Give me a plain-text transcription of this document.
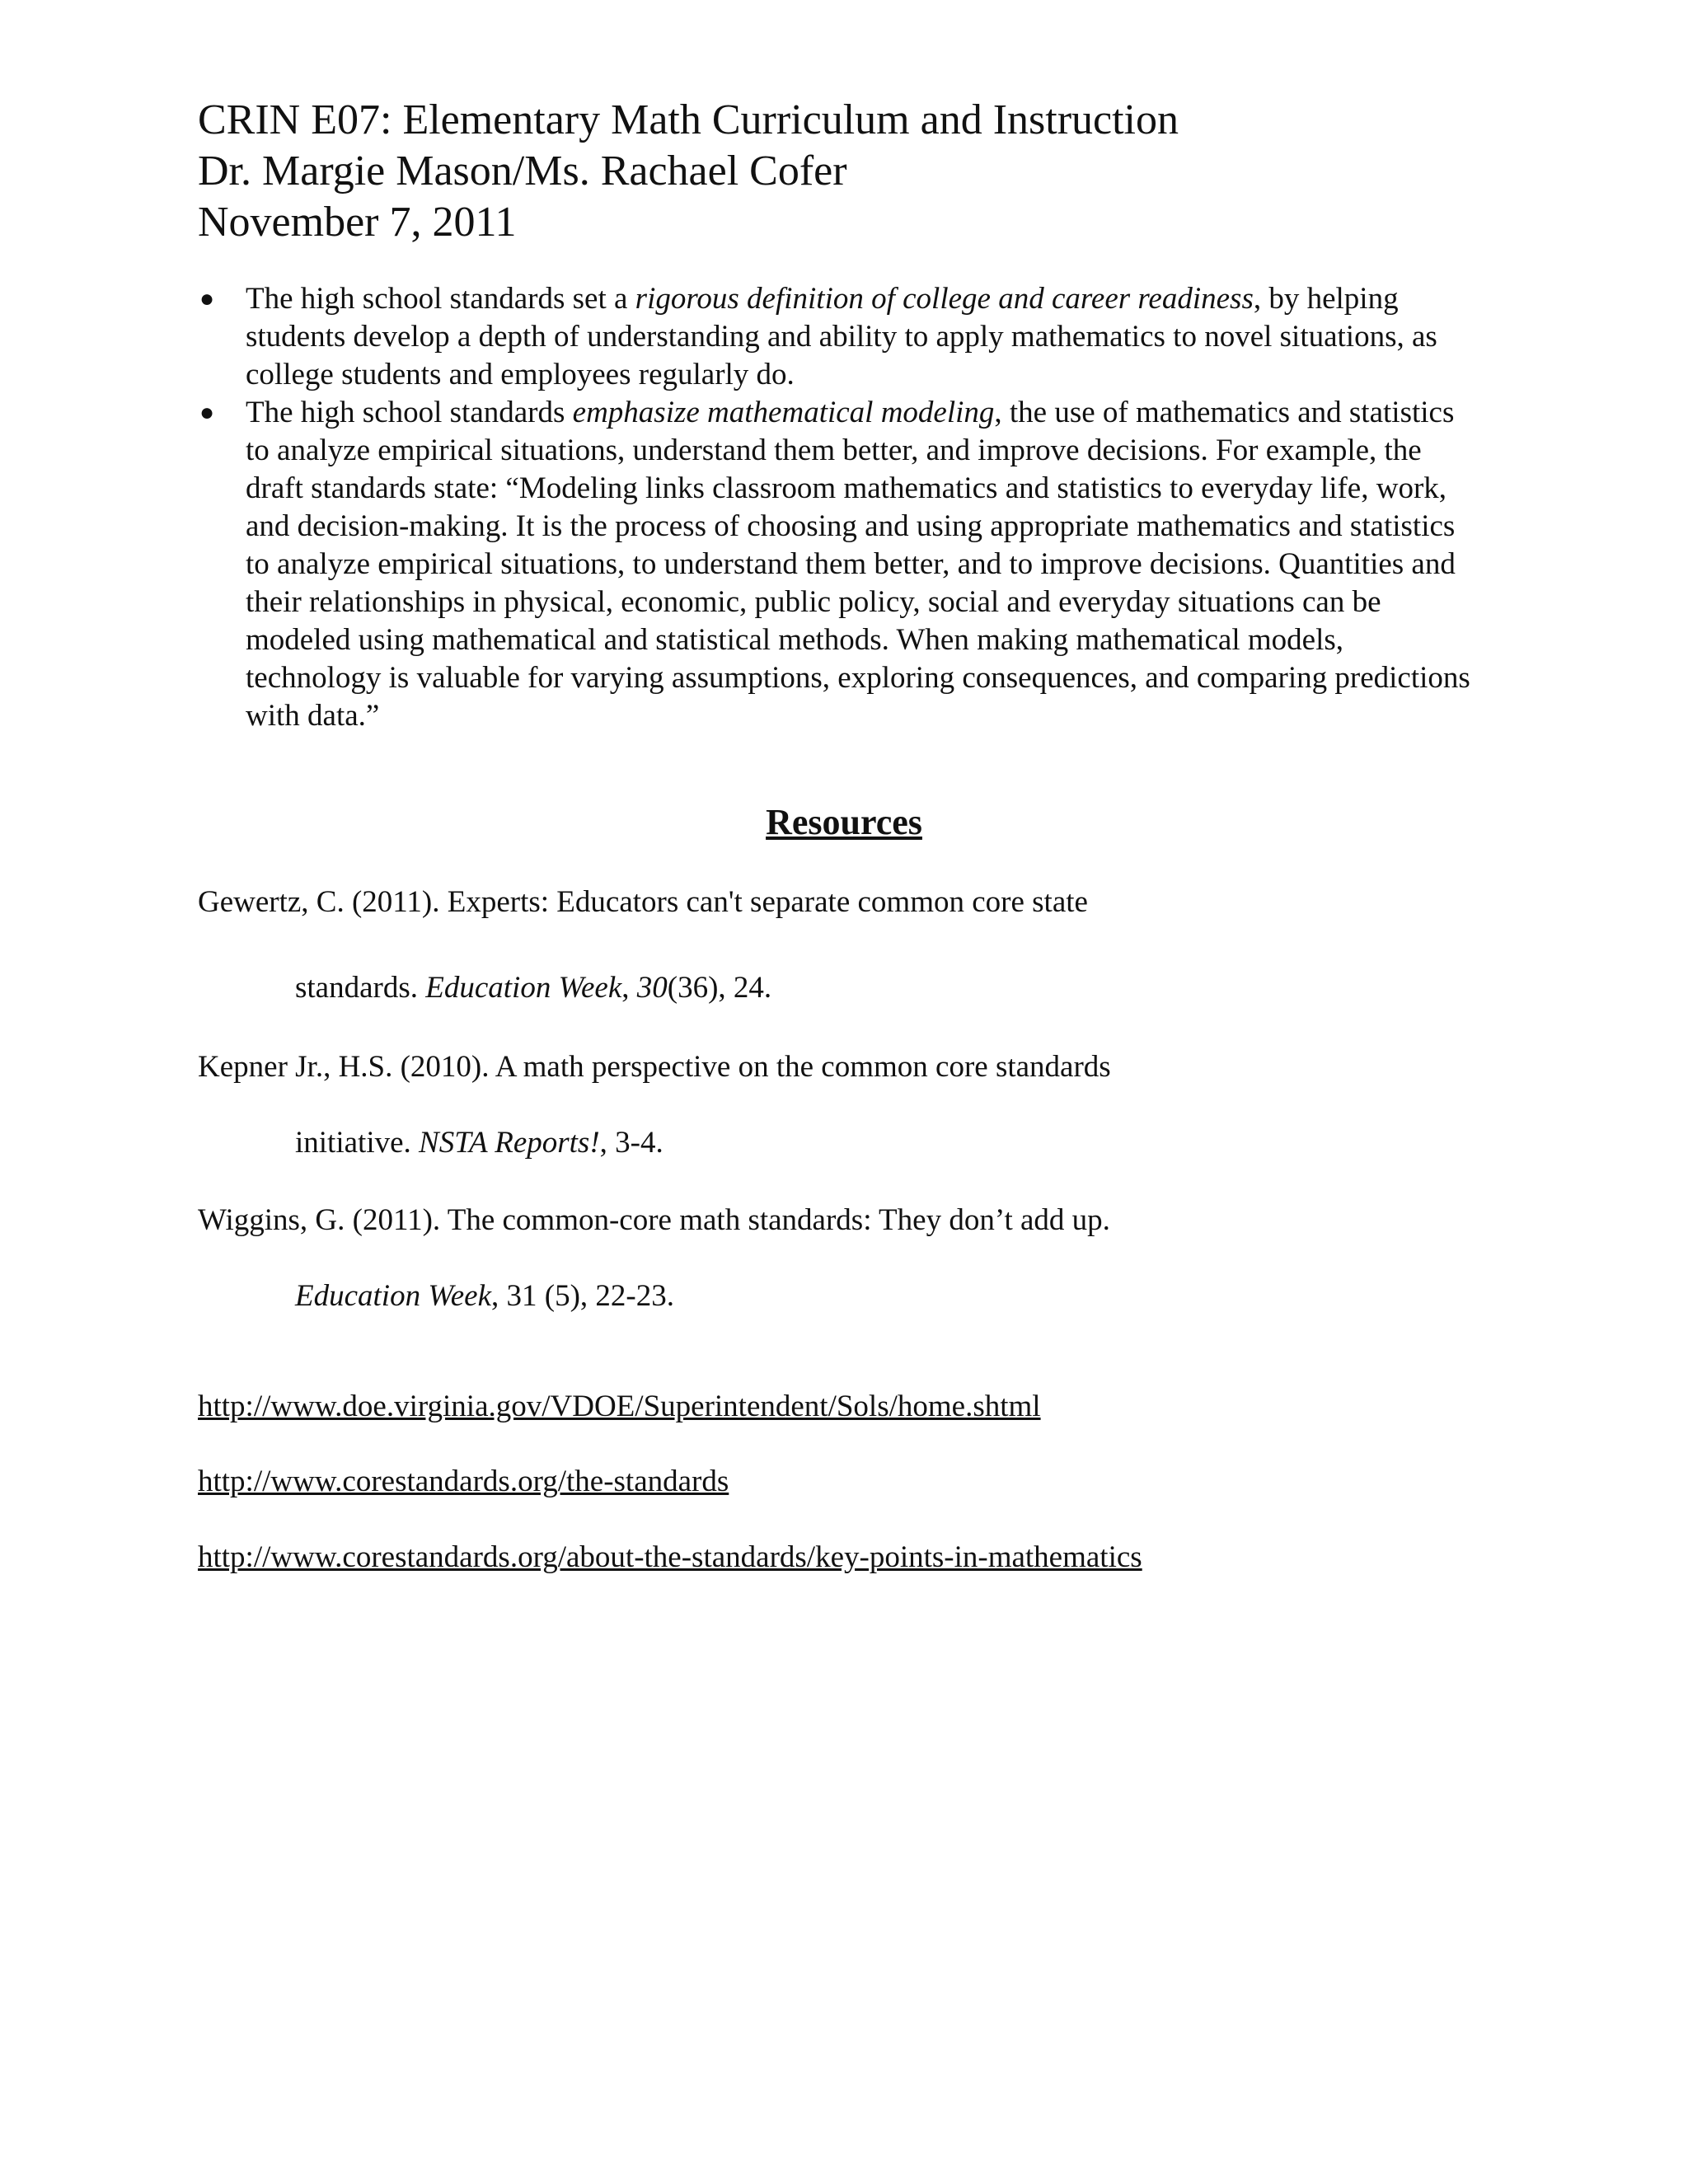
CRIN E07: Elementary Math Curriculum and Instruction
Dr. Margie Mason/Ms. Rachael Cofer
November 7, 2011
● The high school standards set a rigorous definition of college and career readiness, by helping students develop a depth of understanding and ability to apply mathematics to novel situations, as college students and employees regularly do.
● The high school standards emphasize mathematical modeling, the use of mathematics and statistics to analyze empirical situations, understand them better, and improve decisions. For example, the draft standards state: “Modeling links classroom mathematics and statistics to everyday life, work, and decision-making. It is the process of choosing and using appropriate mathematics and statistics to analyze empirical situations, to understand them better, and to improve decisions. Quantities and their relationships in physical, economic, public policy, social and everyday situations can be modeled using mathematical and statistical methods. When making mathematical models, technology is valuable for varying assumptions, exploring consequences, and comparing predictions with data.”
Resources
Gewertz, C. (2011). Experts: Educators can't separate common core state
standards. Education Week, 30(36), 24.
Kepner Jr., H.S. (2010). A math perspective on the common core standards
initiative. NSTA Reports!, 3-4.
Wiggins, G. (2011). The common-core math standards: They don’t add up.
Education Week, 31 (5), 22-23.
http://www.doe.virginia.gov/VDOE/Superintendent/Sols/home.shtml
http://www.corestandards.org/the-standards
http://www.corestandards.org/about-the-standards/key-points-in-mathematics
